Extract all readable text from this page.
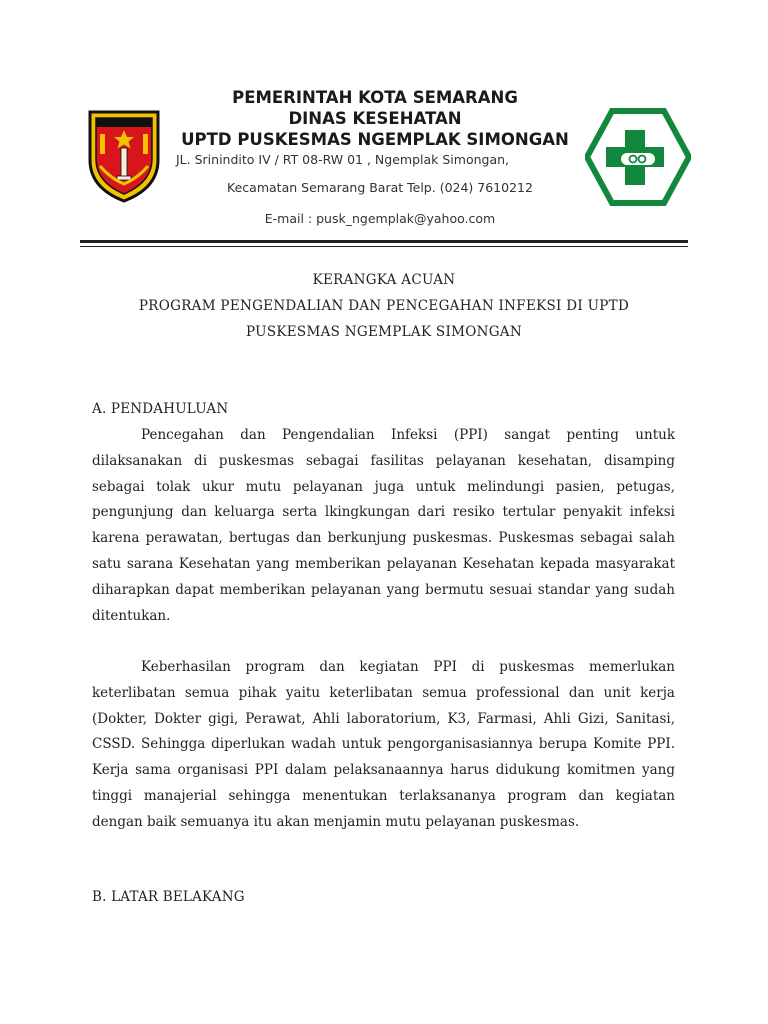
PEMERINTAH KOTA SEMARANG
DINAS KESEHATAN
UPTD PUSKESMAS NGEMPLAK SIMONGAN
JL. Srinindito IV / RT 08-RW 01 , Ngemplak Simongan,
Kecamatan Semarang Barat Telp. (024) 7610212
E-mail : pusk_ngemplak@yahoo.com
KERANGKA ACUAN
PROGRAM PENGENDALIAN DAN PENCEGAHAN INFEKSI DI UPTD
PUSKESMAS NGEMPLAK SIMONGAN
A. PENDAHULUAN

Pencegahan dan Pengendalian Infeksi (PPI) sangat penting untuk dilaksanakan di puskesmas sebagai fasilitas pelayanan kesehatan, disamping sebagai tolak ukur mutu pelayanan juga untuk melindungi pasien, petugas, pengunjung dan keluarga serta lkingkungan dari resiko tertular penyakit infeksi karena perawatan, bertugas dan berkunjung puskesmas. Puskesmas sebagai salah satu sarana Kesehatan yang memberikan pelayanan Kesehatan kepada masyarakat diharapkan dapat memberikan pelayanan yang bermutu sesuai standar yang sudah ditentukan.

Keberhasilan program dan kegiatan PPI di puskesmas memerlukan keterlibatan semua pihak yaitu keterlibatan semua professional dan unit kerja (Dokter, Dokter gigi, Perawat, Ahli laboratorium, K3, Farmasi, Ahli Gizi, Sanitasi, CSSD. Sehingga diperlukan wadah untuk pengorganisasiannya berupa Komite PPI. Kerja sama organisasi PPI dalam pelaksanaannya harus didukung komitmen yang tinggi manajerial sehingga menentukan terlaksananya program dan kegiatan dengan baik semuanya itu akan menjamin mutu pelayanan puskesmas.

B. LATAR BELAKANG
